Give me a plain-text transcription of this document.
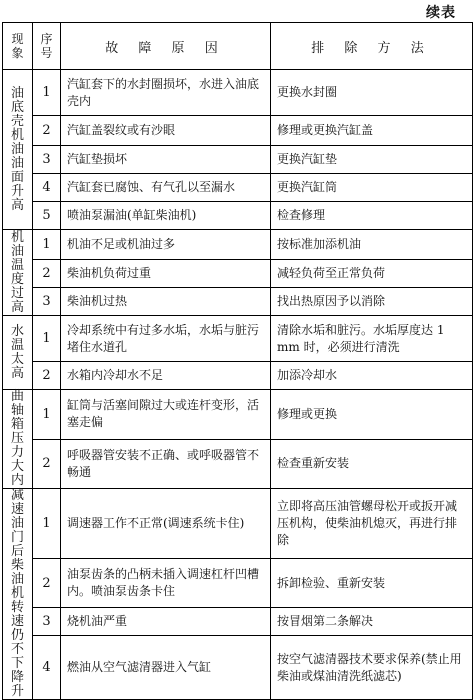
续表
现象	序号	故 障 原 因	排 除 方 法
油底壳机油油面升高	1	汽缸套下的水封圈损坏，水进入油底壳内	更换水封圈
	2	汽缸盖裂纹或有沙眼	修理或更换汽缸盖
	3	汽缸垫损坏	更换汽缸垫
	4	汽缸套已腐蚀、有气孔以至漏水	更换汽缸筒
	5	喷油泵漏油(单缸柴油机)	检查修理
机油温度过高	1	机油不足或机油过多	按标准加添机油
	2	柴油机负荷过重	减轻负荷至正常负荷
	3	柴油机过热	找出热原因予以消除
水温太高	1	冷却系统中有过多水垢，水垢与脏污堵住水道孔	清除水垢和脏污。水垢厚度达 1 mm 时，必须进行清洗
	2	水箱内冷却水不足	加添冷却水
曲轴箱压力大内	1	缸筒与活塞间隙过大或连杆变形，活塞走偏	修理或更换
	2	呼吸器管安装不正确、或呼吸器管不畅通	检查重新安装
减速油门后柴油机转速仍不下降升	1	调速器工作不正常(调速系统卡住)	立即将高压油管螺母松开或扳开减压机构，使柴油机熄灭，再进行排除
	2	油泵齿条的凸柄未插入调速杠杆凹槽内。喷油泵齿条卡住	拆卸检验、重新安装
	3	烧机油严重	按冒烟第二条解决
	4	燃油从空气滤清器进入气缸	按空气滤清器技术要求保养(禁止用柴油或煤油清洗纸滤芯)
